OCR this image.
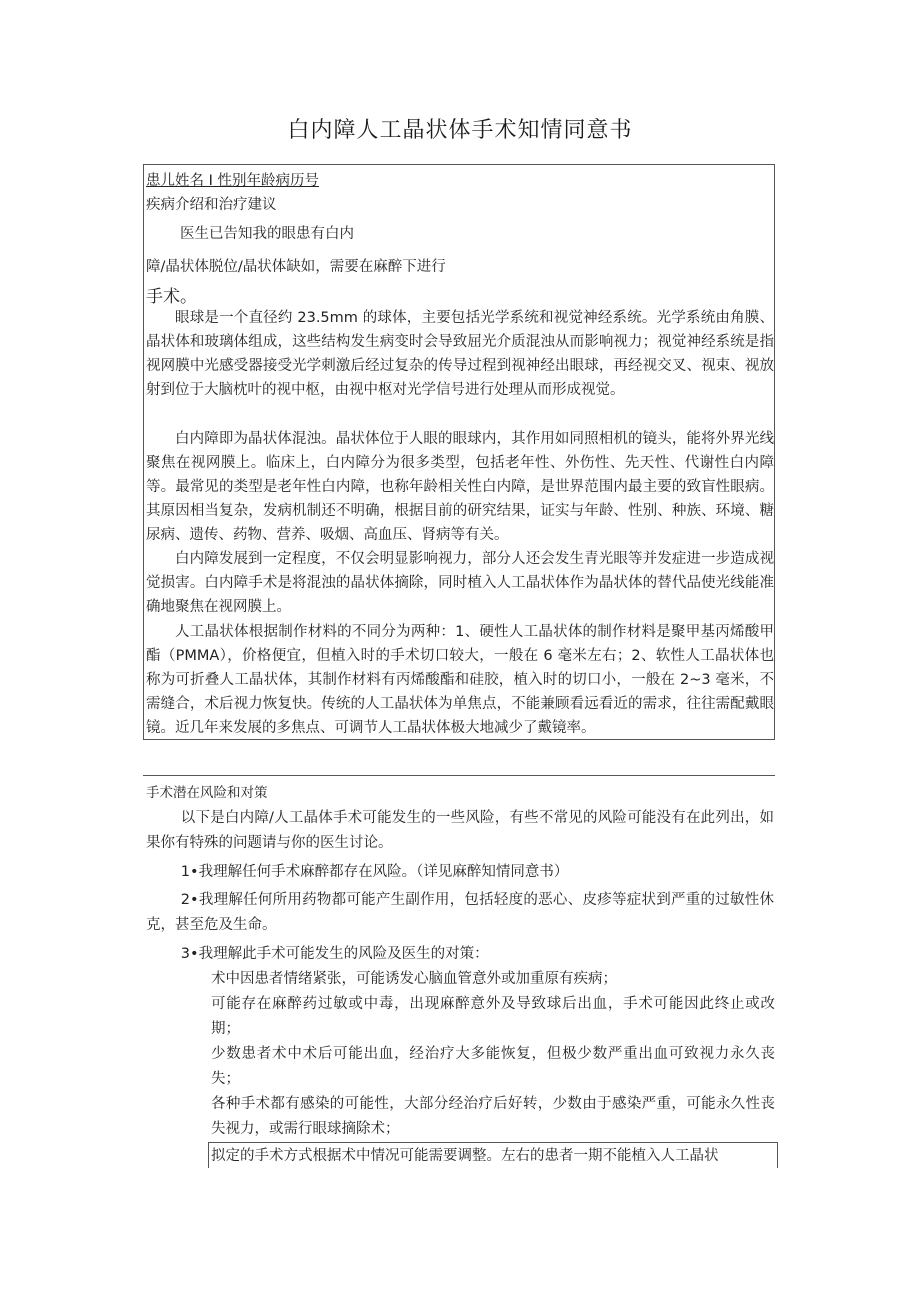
白内障人工晶状体手术知情同意书
患儿姓名 I 性别年龄病历号
疾病介绍和治疗建议
医生已告知我的眼患有白内
障/晶状体脱位/晶状体缺如，需要在麻醉下进行
手术。
眼球是一个直径约 23.5mm 的球体，主要包括光学系统和视觉神经系统。光学系统由角膜、晶状体和玻璃体组成，这些结构发生病变时会导致屈光介质混浊从而影响视力；视觉神经系统是指视网膜中光感受器接受光学刺激后经过复杂的传导过程到视神经出眼球，再经视交叉、视束、视放射到位于大脑枕叶的视中枢，由视中枢对光学信号进行处理从而形成视觉。
白内障即为晶状体混浊。晶状体位于人眼的眼球内，其作用如同照相机的镜头，能将外界光线聚焦在视网膜上。临床上，白内障分为很多类型，包括老年性、外伤性、先天性、代谢性白内障等。最常见的类型是老年性白内障，也称年龄相关性白内障，是世界范围内最主要的致盲性眼病。其原因相当复杂，发病机制还不明确，根据目前的研究结果，证实与年龄、性别、种族、环境、糖尿病、遗传、药物、营养、吸烟、高血压、肾病等有关。
白内障发展到一定程度，不仅会明显影响视力，部分人还会发生青光眼等并发症进一步造成视觉损害。白内障手术是将混浊的晶状体摘除，同时植入人工晶状体作为晶状体的替代品使光线能准确地聚焦在视网膜上。
人工晶状体根据制作材料的不同分为两种：1、硬性人工晶状体的制作材料是聚甲基丙烯酸甲酯（PMMA），价格便宜，但植入时的手术切口较大，一般在 6 毫米左右；2、软性人工晶状体也称为可折叠人工晶状体，其制作材料有丙烯酸酯和硅胶，植入时的切口小，一般在 2~3 毫米，不需缝合，术后视力恢复快。传统的人工晶状体为单焦点，不能兼顾看远看近的需求，往往需配戴眼镜。近几年来发展的多焦点、可调节人工晶状体极大地减少了戴镜率。
手术潜在风险和对策
以下是白内障/人工晶体手术可能发生的一些风险，有些不常见的风险可能没有在此列出，如果你有特殊的问题请与你的医生讨论。
1•我理解任何手术麻醉都存在风险。（详见麻醉知情同意书）
2•我理解任何所用药物都可能产生副作用，包括轻度的恶心、皮疹等症状到严重的过敏性休克，甚至危及生命。
3•我理解此手术可能发生的风险及医生的对策：
术中因患者情绪紧张，可能诱发心脑血管意外或加重原有疾病；
可能存在麻醉药过敏或中毒，出现麻醉意外及导致球后出血，手术可能因此终止或改期；
少数患者术中术后可能出血，经治疗大多能恢复，但极少数严重出血可致视力永久丧失；
各种手术都有感染的可能性，大部分经治疗后好转，少数由于感染严重，可能永久性丧失视力，或需行眼球摘除术；
拟定的手术方式根据术中情况可能需要调整。左右的患者一期不能植入人工晶状
